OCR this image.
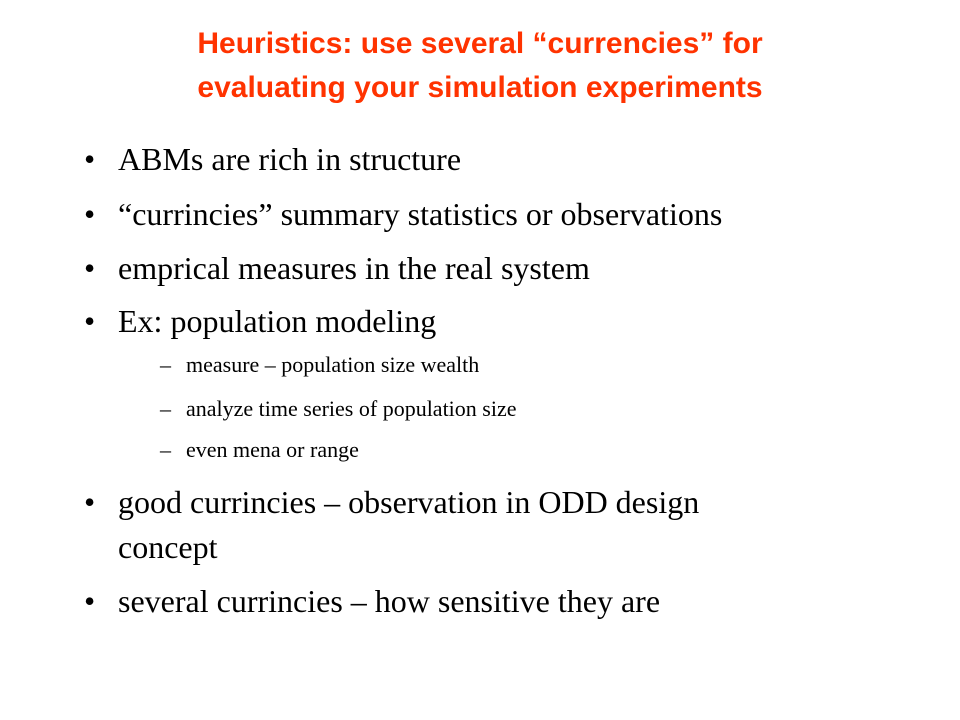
Heuristics: use several “currencies” for
evaluating your simulation experiments
• ABMs are rich in structure
• “currincies” summary statistics or observations
• emprical measures in the real system
• Ex: population modeling
– measure – population size wealth
– analyze time series of population size
– even mena or range
• good currincies – observation in ODD design
concept
• several currincies – how sensitive they are
